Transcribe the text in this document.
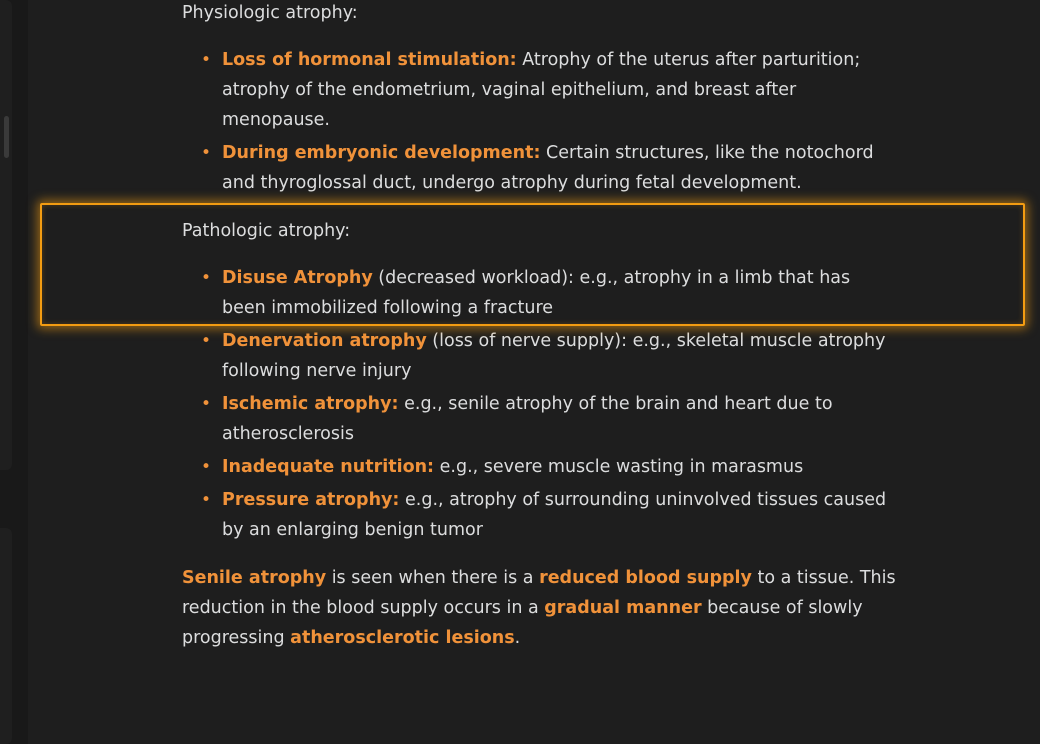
Physiologic atrophy:

• Loss of hormonal stimulation: Atrophy of the uterus after parturition;
atrophy of the endometrium, vaginal epithelium, and breast after
menopause.
• During embryonic development: Certain structures, like the notochord
and thyroglossal duct, undergo atrophy during fetal development.

Pathologic atrophy:

• Disuse Atrophy (decreased workload): e.g., atrophy in a limb that has
been immobilized following a fracture
• Denervation atrophy (loss of nerve supply): e.g., skeletal muscle atrophy
following nerve injury
• Ischemic atrophy: e.g., senile atrophy of the brain and heart due to
atherosclerosis
• Inadequate nutrition: e.g., severe muscle wasting in marasmus
• Pressure atrophy: e.g., atrophy of surrounding uninvolved tissues caused
by an enlarging benign tumor

Senile atrophy is seen when there is a reduced blood supply to a tissue. This
reduction in the blood supply occurs in a gradual manner because of slowly
progressing atherosclerotic lesions.
